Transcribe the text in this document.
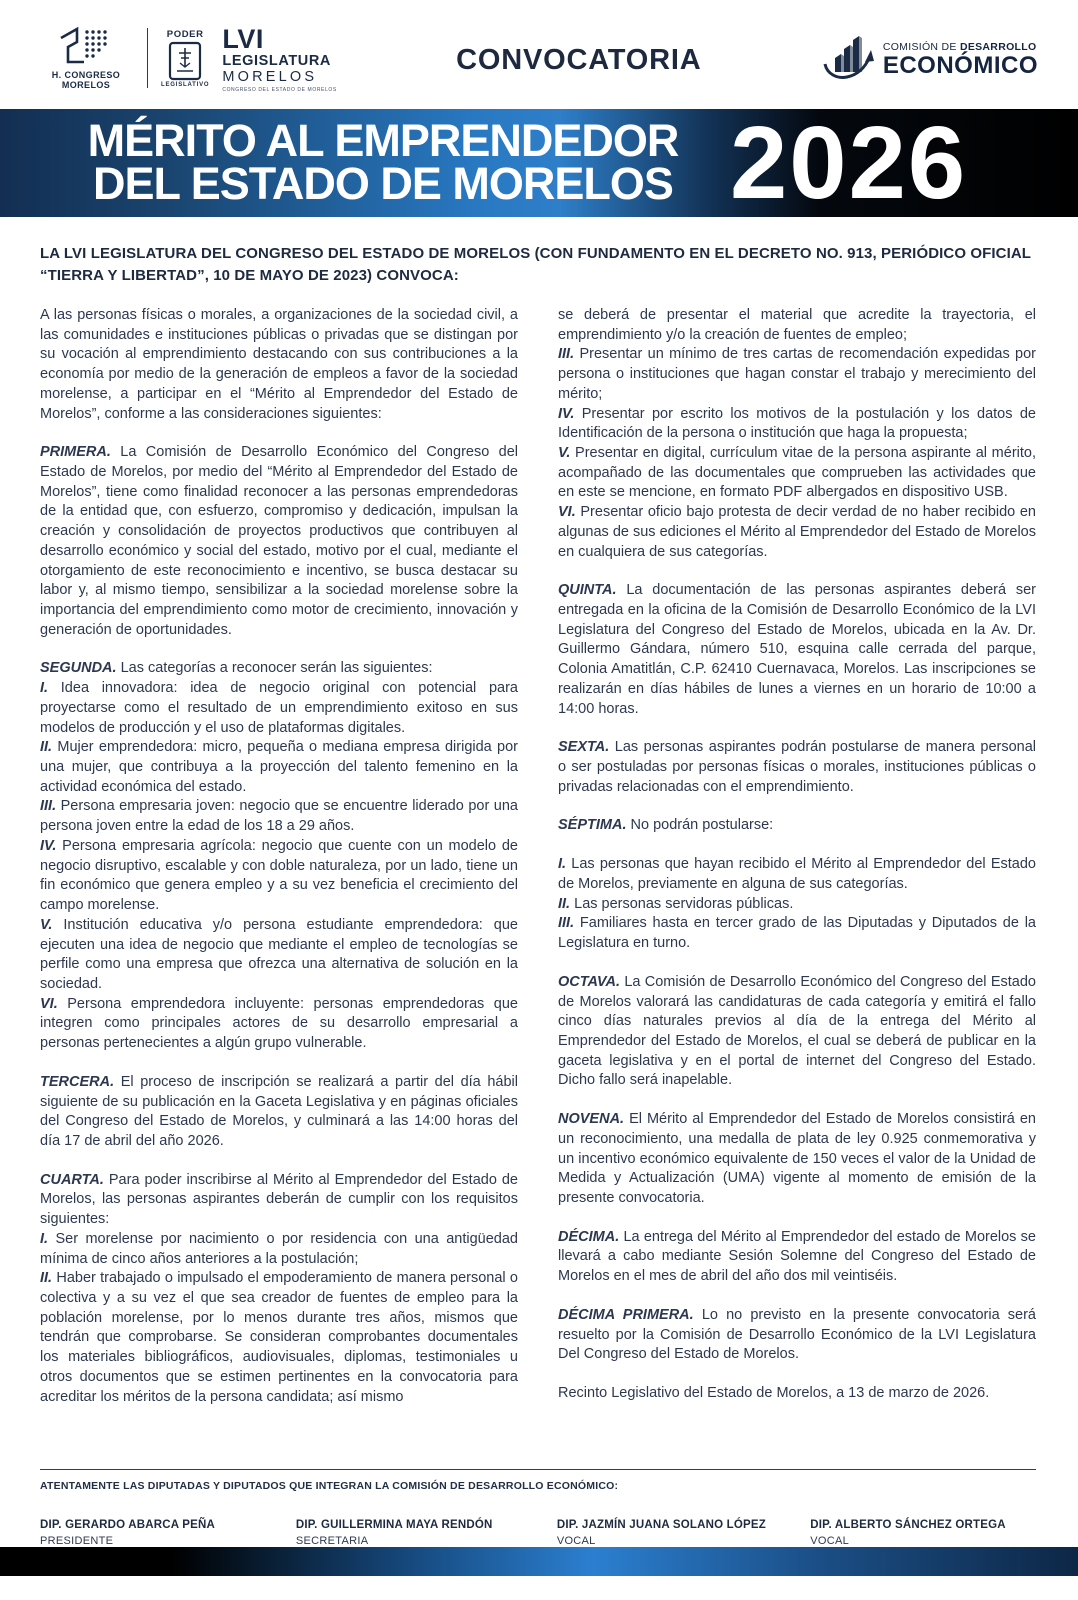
H. CONGRESO
MORELOS
PODER
LEGISLATIVO
LVI
LEGISLATURA
MORELOS
CONGRESO DEL ESTADO DE MORELOS
CONVOCATORIA	COMISIÓN DE DESARROLLO
ECONÓMICO
MÉRITO AL EMPRENDEDOR
DEL ESTADO DE MORELOS 2026

LA LVI LEGISLATURA DEL CONGRESO DEL ESTADO DE MORELOS (CON FUNDAMENTO EN EL DECRETO NO. 913, PERIÓDICO OFICIAL “TIERRA Y LIBERTAD”, 10 DE MAYO DE 2023) CONVOCA:

A las personas físicas o morales, a organizaciones de la sociedad civil, a las comunidades e instituciones públicas o privadas que se distingan por su vocación al emprendimiento destacando con sus contribuciones a la economía por medio de la generación de empleos a favor de la sociedad morelense, a participar en el “Mérito al Emprendedor del Estado de Morelos”, conforme a las consideraciones siguientes:

PRIMERA. La Comisión de Desarrollo Económico del Congreso del Estado de Morelos, por medio del “Mérito al Emprendedor del Estado de Morelos”, tiene como finalidad reconocer a las personas emprendedoras de la entidad que, con esfuerzo, compromiso y dedicación, impulsan la creación y consolidación de proyectos productivos que contribuyen al desarrollo económico y social del estado, motivo por el cual, mediante el otorgamiento de este reconocimiento e incentivo, se busca destacar su labor y, al mismo tiempo, sensibilizar a la sociedad morelense sobre la importancia del emprendimiento como motor de crecimiento, innovación y generación de oportunidades.

SEGUNDA. Las categorías a reconocer serán las siguientes:

I. Idea innovadora: idea de negocio original con potencial para proyectarse como el resultado de un emprendimiento exitoso en sus modelos de producción y el uso de plataformas digitales.

II. Mujer emprendedora: micro, pequeña o mediana empresa dirigida por una mujer, que contribuya a la proyección del talento femenino en la actividad económica del estado.

III. Persona empresaria joven: negocio que se encuentre liderado por una persona joven entre la edad de los 18 a 29 años.

IV. Persona empresaria agrícola: negocio que cuente con un modelo de negocio disruptivo, escalable y con doble naturaleza, por un lado, tiene un fin económico que genera empleo y a su vez beneficia el crecimiento del campo morelense.

V. Institución educativa y/o persona estudiante emprendedora: que ejecuten una idea de negocio que mediante el empleo de tecnologías se perfile como una empresa que ofrezca una alternativa de solución en la sociedad.

VI. Persona emprendedora incluyente: personas emprendedoras que integren como principales actores de su desarrollo empresarial a personas pertenecientes a algún grupo vulnerable.

TERCERA. El proceso de inscripción se realizará a partir del día hábil siguiente de su publicación en la Gaceta Legislativa y en páginas oficiales del Congreso del Estado de Morelos, y culminará a las 14:00 horas del día 17 de abril del año 2026.

CUARTA. Para poder inscribirse al Mérito al Emprendedor del Estado de Morelos, las personas aspirantes deberán de cumplir con los requisitos siguientes:

I. Ser morelense por nacimiento o por residencia con una antigüedad mínima de cinco años anteriores a la postulación;

II. Haber trabajado o impulsado el empoderamiento de manera personal o colectiva y a su vez el que sea creador de fuentes de empleo para la población morelense, por lo menos durante tres años, mismos que tendrán que comprobarse. Se consideran comprobantes documentales los materiales bibliográficos, audiovisuales, diplomas, testimoniales u otros documentos que se estimen pertinentes en la convocatoria para acreditar los méritos de la persona candidata; así mismo

se deberá de presentar el material que acredite la trayectoria, el emprendimiento y/o la creación de fuentes de empleo;

III. Presentar un mínimo de tres cartas de recomendación expedidas por persona o instituciones que hagan constar el trabajo y merecimiento del mérito;

IV. Presentar por escrito los motivos de la postulación y los datos de Identificación de la persona o institución que haga la propuesta;

V. Presentar en digital, currículum vitae de la persona aspirante al mérito, acompañado de las documentales que comprueben las actividades que en este se mencione, en formato PDF albergados en dispositivo USB.

VI. Presentar oficio bajo protesta de decir verdad de no haber recibido en algunas de sus ediciones el Mérito al Emprendedor del Estado de Morelos en cualquiera de sus categorías.

QUINTA. La documentación de las personas aspirantes deberá ser entregada en la oficina de la Comisión de Desarrollo Económico de la LVI Legislatura del Congreso del Estado de Morelos, ubicada en la Av. Dr. Guillermo Gándara, número 510, esquina calle cerrada del parque, Colonia Amatitlán, C.P. 62410 Cuernavaca, Morelos. Las inscripciones se realizarán en días hábiles de lunes a viernes en un horario de 10:00 a 14:00 horas.

SEXTA. Las personas aspirantes podrán postularse de manera personal o ser postuladas por personas físicas o morales, instituciones públicas o privadas relacionadas con el emprendimiento.

SÉPTIMA. No podrán postularse:

I. Las personas que hayan recibido el Mérito al Emprendedor del Estado de Morelos, previamente en alguna de sus categorías.

II. Las personas servidoras públicas.

III. Familiares hasta en tercer grado de las Diputadas y Diputados de la Legislatura en turno.

OCTAVA. La Comisión de Desarrollo Económico del Congreso del Estado de Morelos valorará las candidaturas de cada categoría y emitirá el fallo cinco días naturales previos al día de la entrega del Mérito al Emprendedor del Estado de Morelos, el cual se deberá de publicar en la gaceta legislativa y en el portal de internet del Congreso del Estado. Dicho fallo será inapelable.

NOVENA. El Mérito al Emprendedor del Estado de Morelos consistirá en un reconocimiento, una medalla de plata de ley 0.925 conmemorativa y un incentivo económico equivalente de 150 veces el valor de la Unidad de Medida y Actualización (UMA) vigente al momento de emisión de la presente convocatoria.

DÉCIMA. La entrega del Mérito al Emprendedor del estado de Morelos se llevará a cabo mediante Sesión Solemne del Congreso del Estado de Morelos en el mes de abril del año dos mil veintiséis.

DÉCIMA PRIMERA. Lo no previsto en la presente convocatoria será resuelto por la Comisión de Desarrollo Económico de la LVI Legislatura Del Congreso del Estado de Morelos.

Recinto Legislativo del Estado de Morelos, a 13 de marzo de 2026.

ATENTAMENTE LAS DIPUTADAS Y DIPUTADOS QUE INTEGRAN LA COMISIÓN DE DESARROLLO ECONÓMICO:

DIP. GERARDO ABARCA PEÑA
PRESIDENTE
DIP. GUILLERMINA MAYA RENDÓN
SECRETARIA
DIP. JAZMÍN JUANA SOLANO LÓPEZ
VOCAL
DIP. ALBERTO SÁNCHEZ ORTEGA
VOCAL
